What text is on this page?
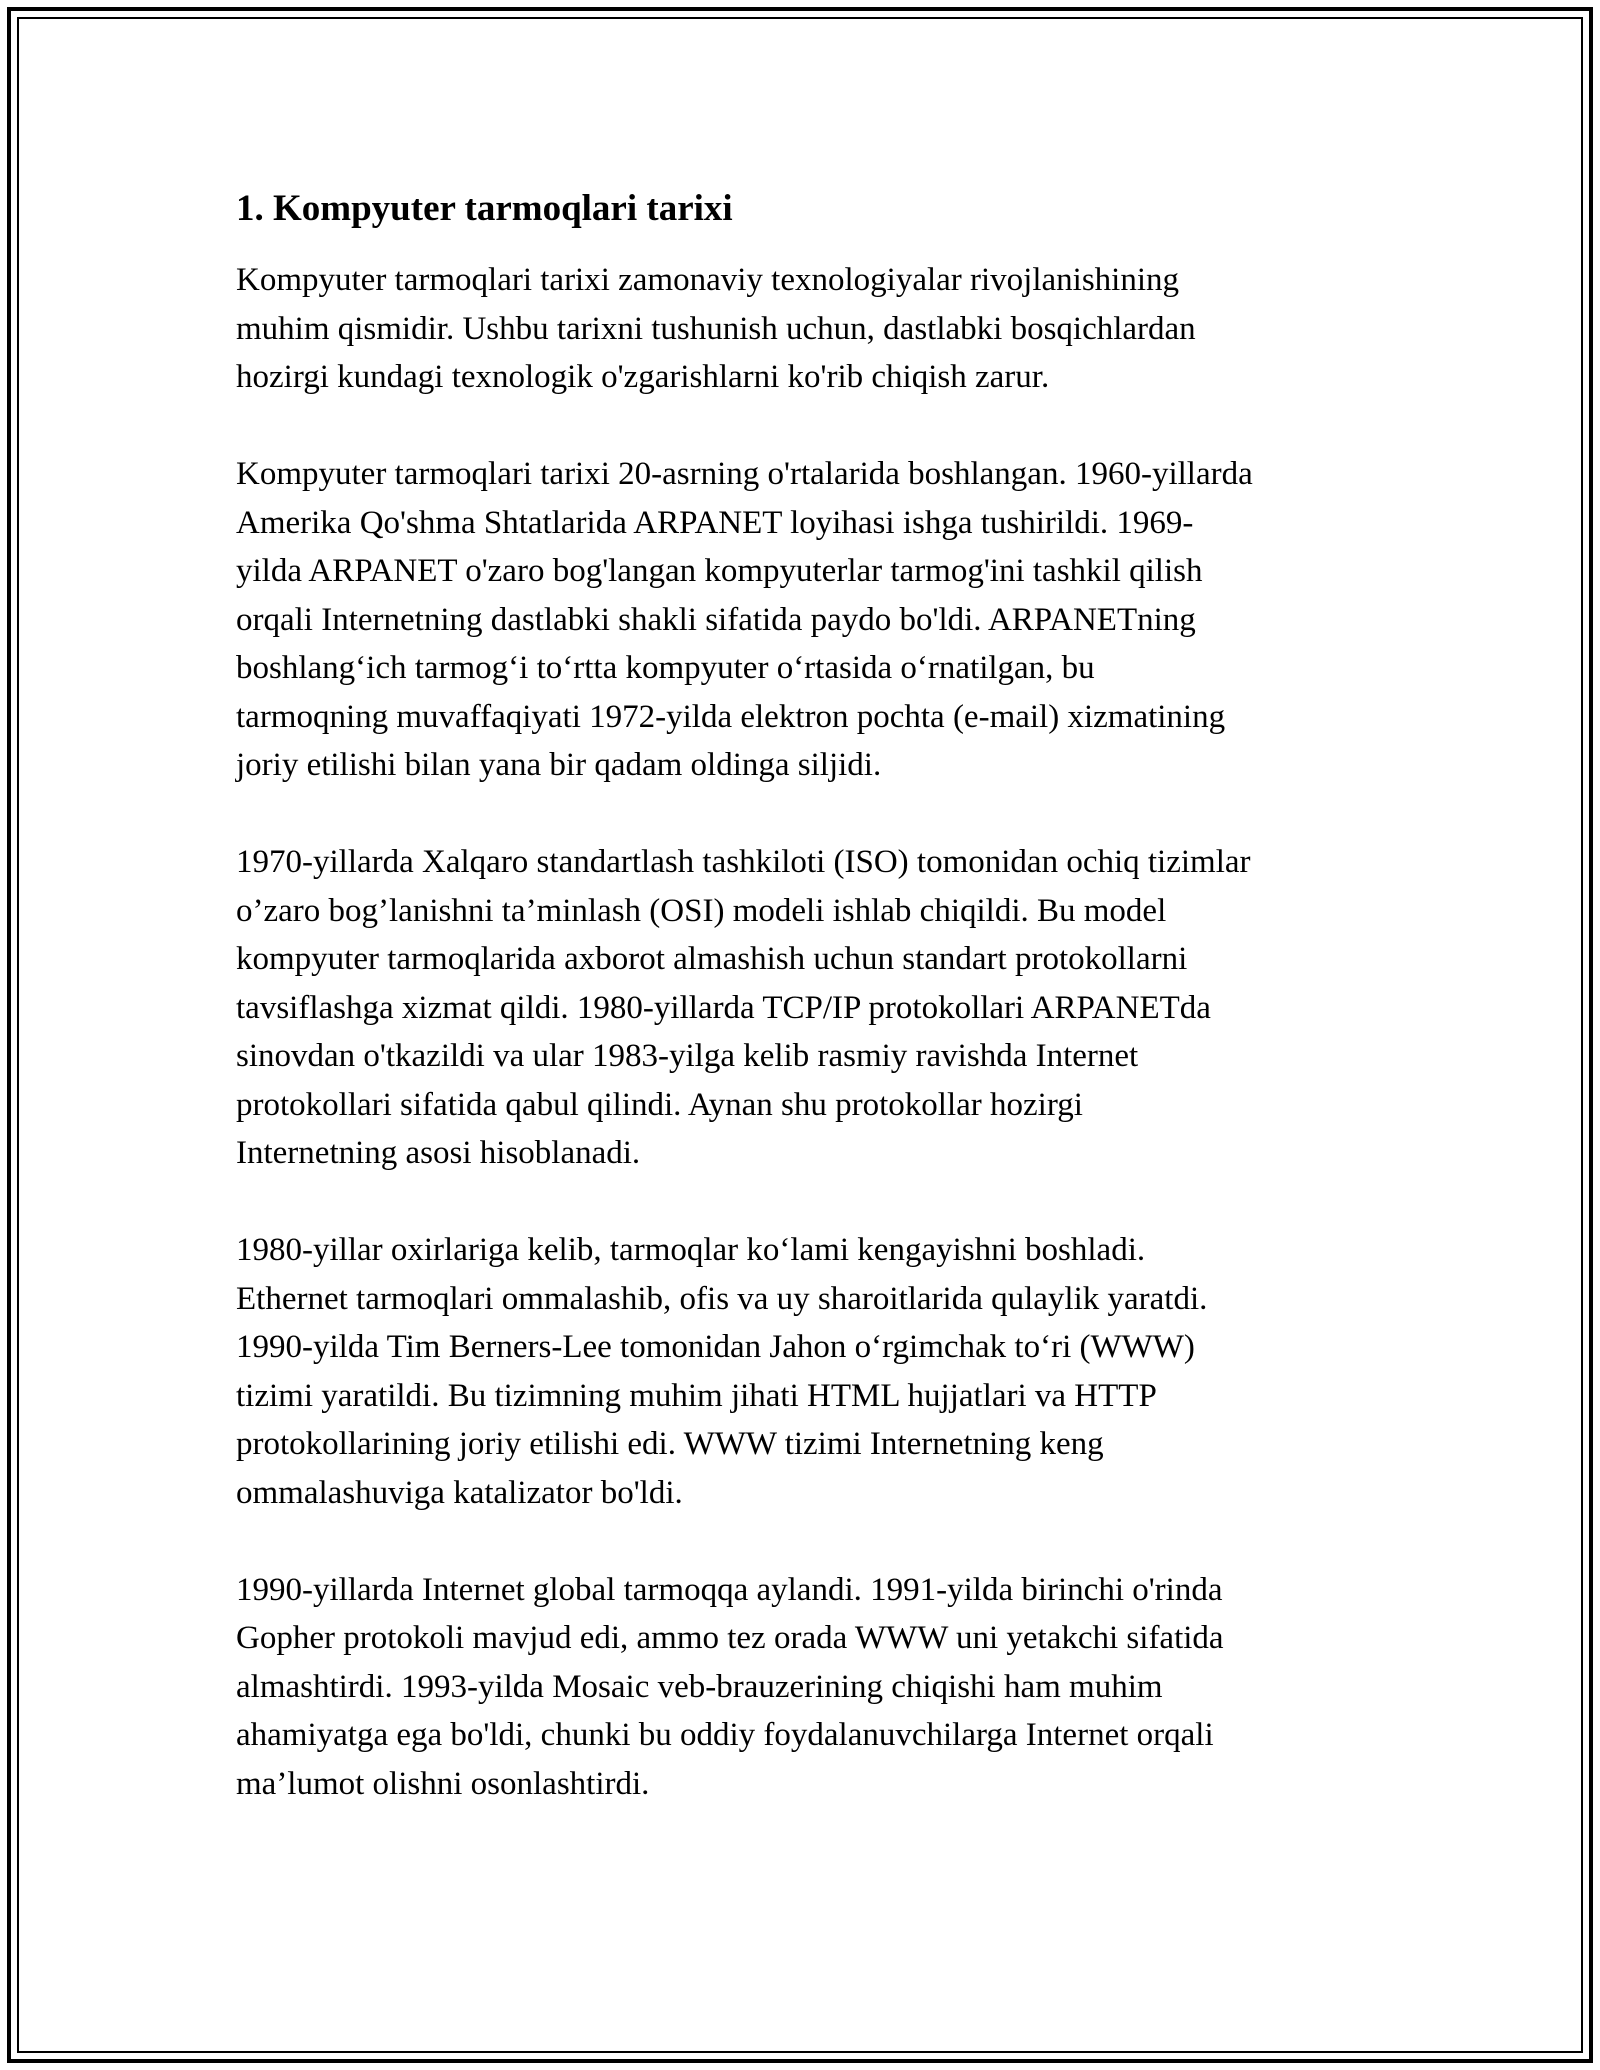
1. Kompyuter tarmoqlari tarixi

Kompyuter tarmoqlari tarixi zamonaviy texnologiyalar rivojlanishining
muhim qismidir. Ushbu tarixni tushunish uchun, dastlabki bosqichlardan
hozirgi kundagi texnologik o'zgarishlarni ko'rib chiqish zarur.

Kompyuter tarmoqlari tarixi 20-asrning o'rtalarida boshlangan. 1960-yillarda
Amerika Qo'shma Shtatlarida ARPANET loyihasi ishga tushirildi. 1969-
yilda ARPANET o'zaro bog'langan kompyuterlar tarmog'ini tashkil qilish
orqali Internetning dastlabki shakli sifatida paydo bo'ldi. ARPANETning
boshlang‘ich tarmog‘i to‘rtta kompyuter o‘rtasida o‘rnatilgan, bu
tarmoqning muvaffaqiyati 1972-yilda elektron pochta (e-mail) xizmatining
joriy etilishi bilan yana bir qadam oldinga siljidi.

1970-yillarda Xalqaro standartlash tashkiloti (ISO) tomonidan ochiq tizimlar
o’zaro bog’lanishni ta’minlash (OSI) modeli ishlab chiqildi. Bu model
kompyuter tarmoqlarida axborot almashish uchun standart protokollarni
tavsiflashga xizmat qildi. 1980-yillarda TCP/IP protokollari ARPANETda
sinovdan o'tkazildi va ular 1983-yilga kelib rasmiy ravishda Internet
protokollari sifatida qabul qilindi. Aynan shu protokollar hozirgi
Internetning asosi hisoblanadi.

1980-yillar oxirlariga kelib, tarmoqlar ko‘lami kengayishni boshladi.
Ethernet tarmoqlari ommalashib, ofis va uy sharoitlarida qulaylik yaratdi.
1990-yilda Tim Berners-Lee tomonidan Jahon o‘rgimchak to‘ri (WWW)
tizimi yaratildi. Bu tizimning muhim jihati HTML hujjatlari va HTTP
protokollarining joriy etilishi edi. WWW tizimi Internetning keng
ommalashuviga katalizator bo'ldi.

1990-yillarda Internet global tarmoqqa aylandi. 1991-yilda birinchi o'rinda
Gopher protokoli mavjud edi, ammo tez orada WWW uni yetakchi sifatida
almashtirdi. 1993-yilda Mosaic veb-brauzerining chiqishi ham muhim
ahamiyatga ega bo'ldi, chunki bu oddiy foydalanuvchilarga Internet orqali
ma’lumot olishni osonlashtirdi.
